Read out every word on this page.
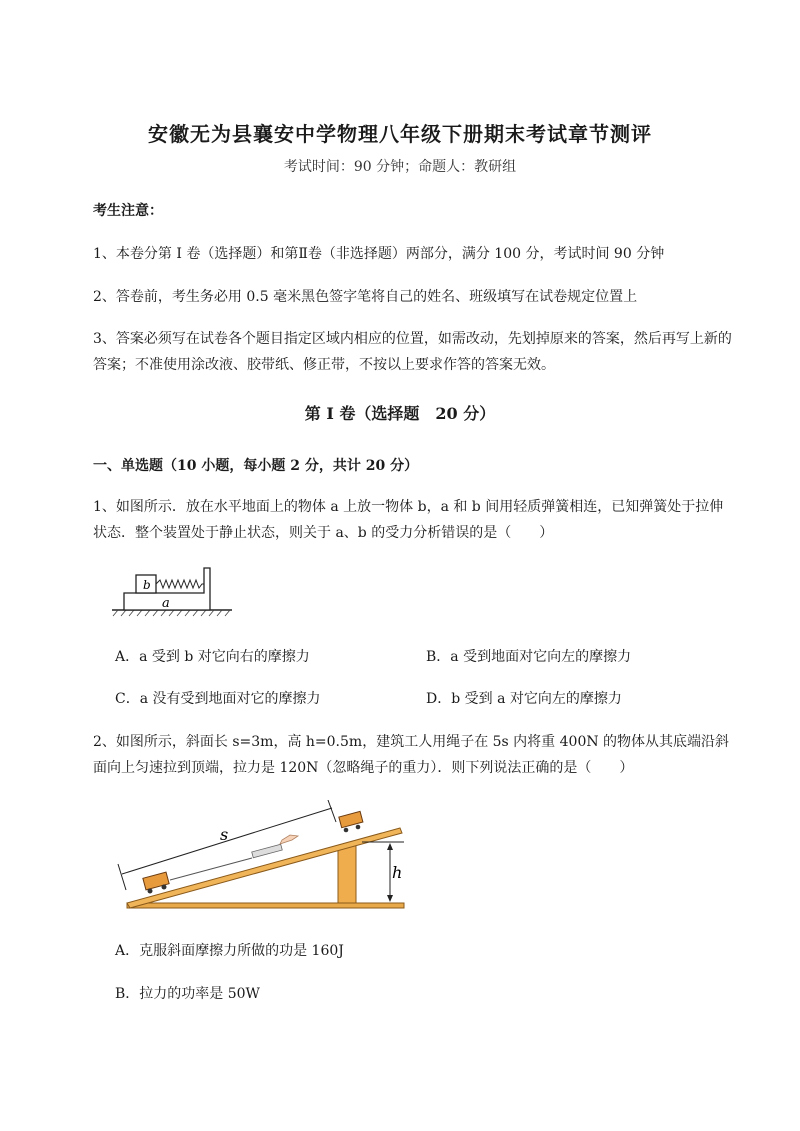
安徽无为县襄安中学物理八年级下册期末考试章节测评
考试时间：90 分钟；命题人：教研组
考生注意：
1、本卷分第 I 卷（选择题）和第Ⅱ卷（非选择题）两部分，满分 100 分，考试时间 90 分钟
2、答卷前，考生务必用 0.5 毫米黑色签字笔将自己的姓名、班级填写在试卷规定位置上
3、答案必须写在试卷各个题目指定区域内相应的位置，如需改动，先划掉原来的答案，然后再写上新的答案；不准使用涂改液、胶带纸、修正带，不按以上要求作答的答案无效。
第 I 卷（选择题　20 分）
一、单选题（10 小题，每小题 2 分，共计 20 分）
1、如图所示．放在水平地面上的物体 a 上放一物体 b，a 和 b 间用轻质弹簧相连，已知弹簧处于拉伸状态．整个装置处于静止状态，则关于 a、b 的受力分析错误的是（　　）
b
a
A．a 受到 b 对它向右的摩擦力	B．a 受到地面对它向左的摩擦力
C．a 没有受到地面对它的摩擦力	D．b 受到 a 对它向左的摩擦力
2、如图所示，斜面长 s=3m，高 h=0.5m，建筑工人用绳子在 5s 内将重 400N 的物体从其底端沿斜面向上匀速拉到顶端，拉力是 120N（忽略绳子的重力）．则下列说法正确的是（　　）
s
h
A．克服斜面摩擦力所做的功是 160J
B．拉力的功率是 50W
